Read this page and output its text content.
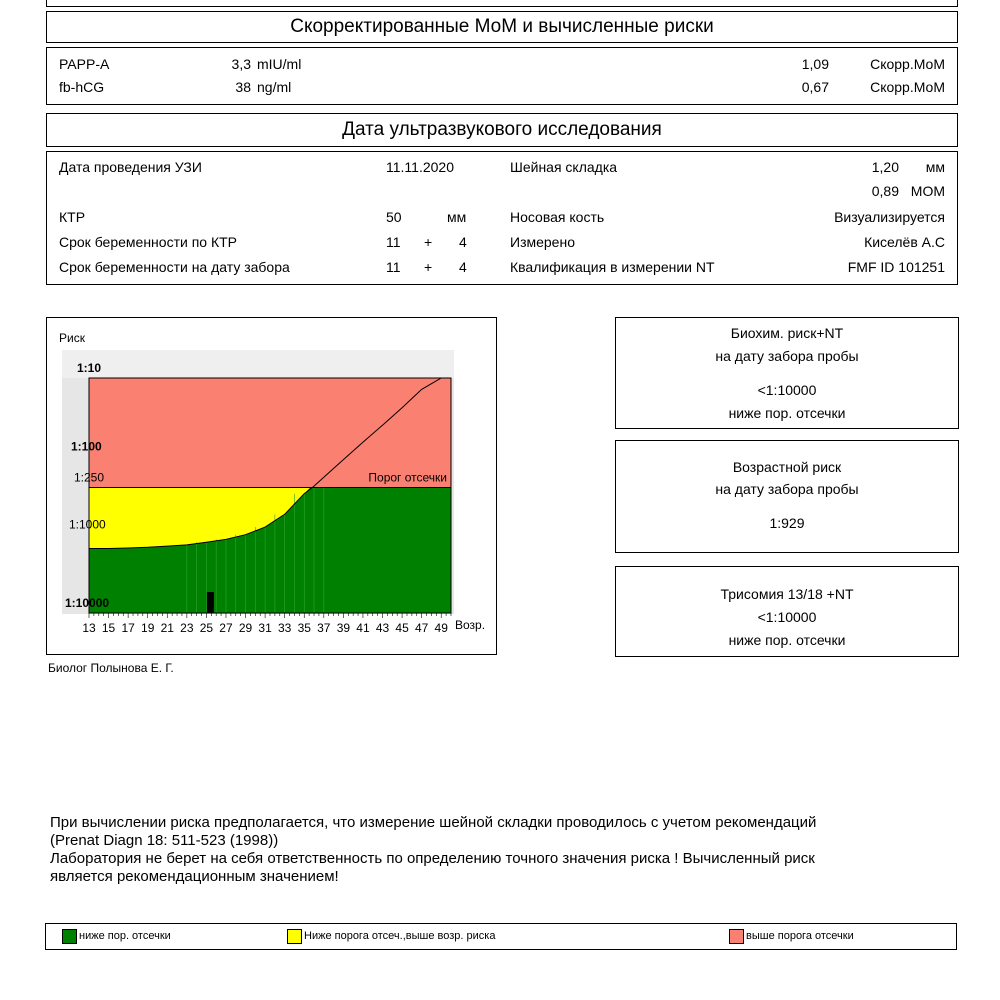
Скорректированные МоМ и вычисленные риски
PAPP-A	3,3 mIU/ml	1,09	Скорр.МоМ
fb-hCG	38 ng/ml	0,67	Скорр.МоМ
Дата ультразвукового исследования
Дата проведения УЗИ	11.11.2020	Шейная складка	1,20	мм
0,89 MOM
КТР	50	мм	Носовая кость	Визуализируется
Срок беременности по КТР	11 + 4	Измерено	Киселёв А.С
Срок беременности на дату забора	11 + 4	Квалификация в измерении NT	FMF ID 101251
Риск
Возр.
Порог отсечки
1:10
1:100
1:250
1:1000
1:10000
13 15 17 19 21 23 25 27 29 31 33 35 37 39 41 43 45 47 49
Биолог Полынова Е. Г.
Биохим. риск+NT
на дату забора пробы
<1:10000
ниже пор. отсечки
Возрастной риск
на дату забора пробы
1:929
Трисомия 13/18 +NT
<1:10000
ниже пор. отсечки
При вычислении риска предполагается, что измерение шейной складки проводилось с учетом рекомендаций
(Prenat Diagn 18: 511-523 (1998))
Лаборатория не берет на себя ответственность по определению точного значения риска ! Вычисленный риск
является рекомендационным значением!
ниже пор. отсечки	Ниже порога отсеч.,выше возр. риска	выше порога отсечки
